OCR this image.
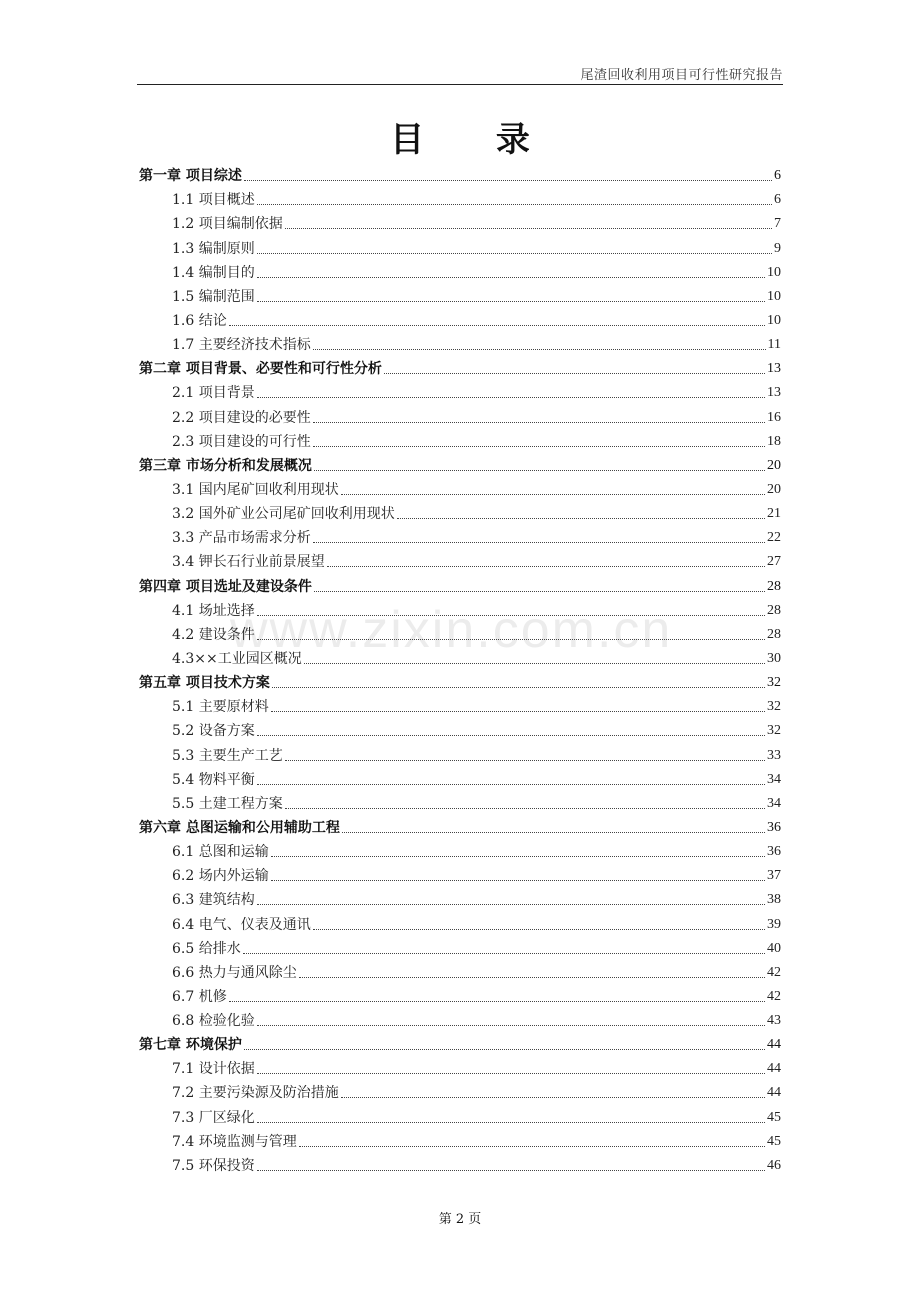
尾渣回收利用项目可行性研究报告
目 录
www.zixin.com.cn
第一章 项目综述	6
1.1 项目概述	6
1.2 项目编制依据	7
1.3 编制原则	9
1.4 编制目的	10
1.5 编制范围	10
1.6 结论	10
1.7 主要经济技术指标	11
第二章 项目背景、必要性和可行性分析	13
2.1 项目背景	13
2.2 项目建设的必要性	16
2.3 项目建设的可行性	18
第三章 市场分析和发展概况	20
3.1 国内尾矿回收利用现状	20
3.2 国外矿业公司尾矿回收利用现状	21
3.3 产品市场需求分析	22
3.4 钾长石行业前景展望	27
第四章 项目选址及建设条件	28
4.1 场址选择	28
4.2 建设条件	28
4.3××工业园区概况	30
第五章 项目技术方案	32
5.1 主要原材料	32
5.2 设备方案	32
5.3 主要生产工艺	33
5.4 物料平衡	34
5.5 土建工程方案	34
第六章 总图运输和公用辅助工程	36
6.1 总图和运输	36
6.2 场内外运输	37
6.3 建筑结构	38
6.4 电气、仪表及通讯	39
6.5 给排水	40
6.6 热力与通风除尘	42
6.7 机修	42
6.8 检验化验	43
第七章 环境保护	44
7.1 设计依据	44
7.2 主要污染源及防治措施	44
7.3 厂区绿化	45
7.4 环境监测与管理	45
7.5 环保投资	46
第 2 页
